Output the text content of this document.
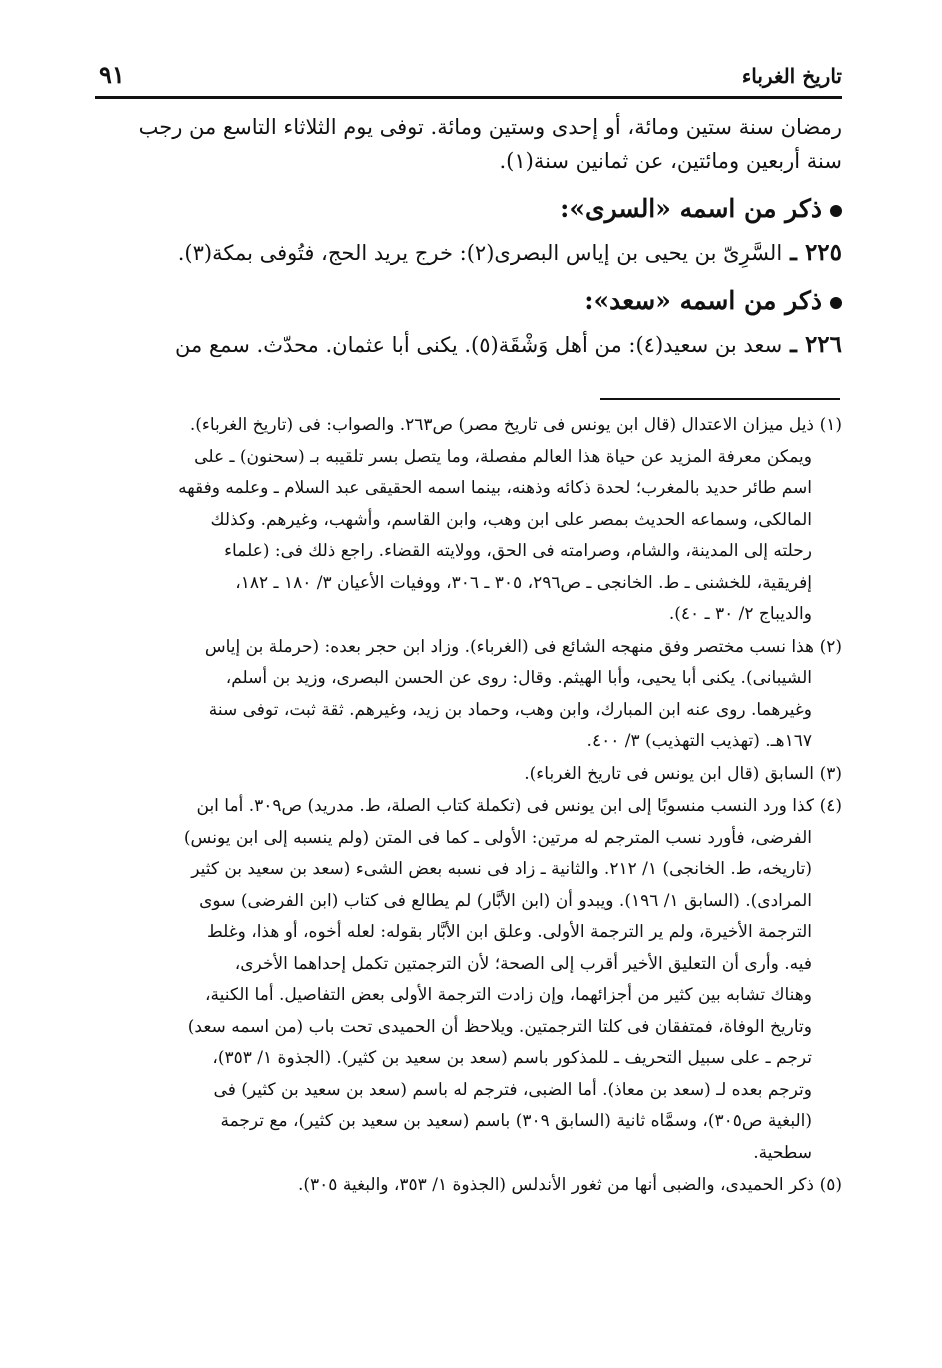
تاريخ الغرباء
٩١

رمضان سنة ستين ومائة، أو إحدى وستين ومائة. توفى يوم الثلاثاء التاسع من رجب

سنة أربعين ومائتين، عن ثمانين سنة(١).

ذكر من اسمه «السرى»:

٢٢٥ ـ السَّرِىّ بن يحيى بن إياس البصرى(٢): خرج يريد الحج، فتُوفى بمكة(٣).

ذكر من اسمه «سعد»:

٢٢٦ ـ سعد بن سعيد(٤): من أهل وَشْقَة(٥). يكنى أبا عثمان. محدّث. سمع من

(١)ذيل ميزان الاعتدال (قال ابن يونس فى تاريخ مصر) ص٢٦٣. والصواب: فى (تاريخ الغرباء).
ويمكن معرفة المزيد عن حياة هذا العالم مفصلة، وما يتصل بسر تلقيبه بـ (سحنون) ـ على
اسم طائر حديد بالمغرب؛ لحدة ذكائه وذهنه، بينما اسمه الحقيقى عبد السلام ـ وعلمه وفقهه
المالكى، وسماعه الحديث بمصر على ابن وهب، وابن القاسم، وأشهب، وغيرهم. وكذلك
رحلته إلى المدينة، والشام، وصرامته فى الحق، وولايته القضاء. راجع ذلك فى: (علماء
إفريقية، للخشنى ـ ط. الخانجى ـ ص٢٩٦، ٣٠٥ ـ ٣٠٦، ووفيات الأعيان ٣/ ١٨٠ ـ ١٨٢،
والديباج ٢/ ٣٠ ـ ٤٠).
(٢)هذا نسب مختصر وفق منهجه الشائع فى (الغرباء). وزاد ابن حجر بعده: (حرملة بن إياس
الشيبانى). يكنى أبا يحيى، وأبا الهيثم. وقال: روى عن الحسن البصرى، وزيد بن أسلم،
وغيرهما. روى عنه ابن المبارك، وابن وهب، وحماد بن زيد، وغيرهم. ثقة ثبت، توفى سنة
١٦٧هـ. (تهذيب التهذيب) ٣/ ٤٠٠.
(٣)السابق (قال ابن يونس فى تاريخ الغرباء).
(٤)كذا ورد النسب منسوبًا إلى ابن يونس فى (تكملة كتاب الصلة، ط. مدريد) ص٣٠٩. أما ابن
الفرضى، فأورد نسب المترجم له مرتين: الأولى ـ كما فى المتن (ولم ينسبه إلى ابن يونس)
(تاريخه، ط. الخانجى) ١/ ٢١٢. والثانية ـ زاد فى نسبه بعض الشىء (سعد بن سعيد بن كثير
المرادى). (السابق ١/ ١٩٦). ويبدو أن (ابن الأبَّار) لم يطالع فى كتاب (ابن الفرضى) سوى
الترجمة الأخيرة، ولم ير الترجمة الأولى. وعلق ابن الأبَّار بقوله: لعله أخوه، أو هذا، وغلط
فيه. وأرى أن التعليق الأخير أقرب إلى الصحة؛ لأن الترجمتين تكمل إحداهما الأخرى،
وهناك تشابه بين كثير من أجزائهما، وإن زادت الترجمة الأولى بعض التفاصيل. أما الكنية،
وتاريخ الوفاة، فمتفقان فى كلتا الترجمتين. ويلاحظ أن الحميدى تحت باب (من اسمه سعد)
ترجم ـ على سبيل التحريف ـ للمذكور باسم (سعد بن سعيد بن كثير). (الجذوة ١/ ٣٥٣)،
وترجم بعده لـ (سعد بن معاذ). أما الضبى، فترجم له باسم (سعد بن سعيد بن كثير) فى
(البغية ص٣٠٥)، وسمَّاه ثانية (السابق ٣٠٩) باسم (سعيد بن سعيد بن كثير)، مع ترجمة
سطحية.
(٥)ذكر الحميدى، والضبى أنها من ثغور الأندلس (الجذوة ١/ ٣٥٣، والبغية ٣٠٥).
